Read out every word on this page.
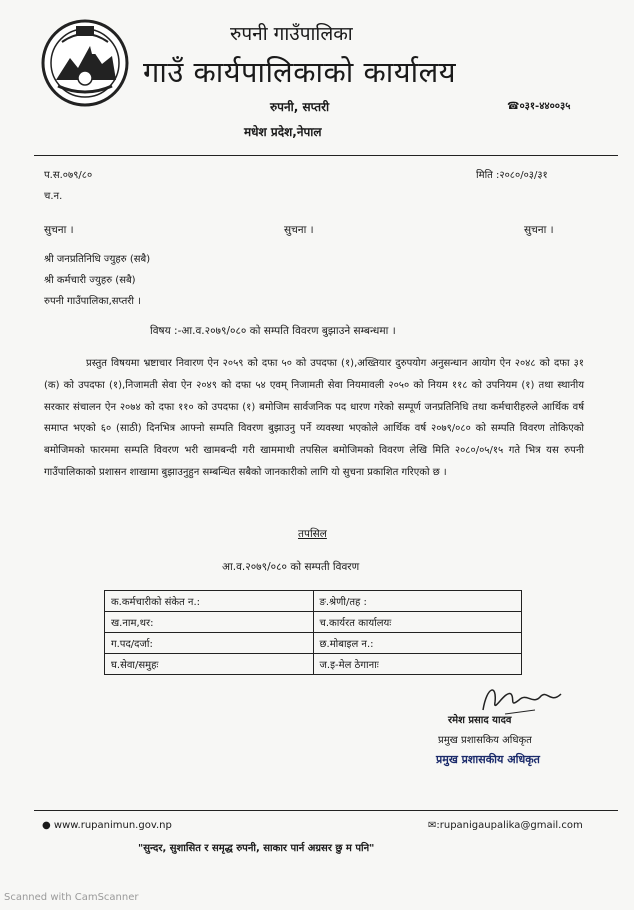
रुपनी गाउँपालिका
गाउँ कार्यपालिकाको कार्यालय
रुपनी, सप्तरी
मधेश प्रदेश,नेपाल
☎०३१-४४००३५
प.स.०७९/८०
च.न.
मिति :२०८०/०३/३१
सुचना ।	सुचना ।	सुचना ।
श्री जनप्रतिनिधि ज्युहरु (सबै)
श्री कर्मचारी ज्युहरु (सबै)
रुपनी गाउँपालिका,सप्तरी ।
विषय :-आ.व.२०७९/०८० को सम्पति विवरण बुझाउने सम्बन्धमा ।
प्रस्तुत विषयमा भ्रष्टाचार निवारण ऐन २०५९ को दफा ५० को उपदफा (१),अख्तियार दुरुपयोग अनुसन्धान आयोग ऐन २०४८ को दफा ३१ (क) को उपदफा (१),निजामती सेवा ऐन २०४९ को दफा ५४ एवम् निजामती सेवा नियमावली २०५० को नियम ११८ को उपनियम (१) तथा स्थानीय सरकार संचालन ऐन २०७४ को दफा ११० को उपदफा (१) बमोजिम सार्वजनिक पद धारण गरेको सम्पूर्ण जनप्रतिनिधि तथा कर्मचारीहरुले आर्थिक वर्ष समाप्त भएको ६० (साठी) दिनभित्र आफ्नो सम्पति विवरण बुझाउनु पर्ने व्यवस्था भएकोले आर्थिक वर्ष २०७९/०८० को सम्पति विवरण तोकिएको बमोजिमको फारममा सम्पति विवरण भरी खामबन्दी गरी खाममाथी तपसिल बमोजिमको विवरण लेखि मिति २०८०/०५/१५ गते भित्र यस रुपनी गाउँपालिकाको प्रशासन शाखामा बुझाउनुहुन सम्बन्धित सबैको जानकारीको लागि यो सुचना प्रकाशित गरिएको छ ।
तपसिल
आ.व.२०७९/०८० को सम्पती विवरण
क.कर्मचारीको संकेत न.:	ङ.श्रेणी/तह :
ख.नाम,थर:	च.कार्यरत कार्यालयः
ग.पद/दर्जा:	छ.मोबाइल न.:
घ.सेवा/समुहः	ज.इ-मेल ठेगानाः
रमेश प्रसाद यादव
प्रमुख प्रशासकिय अधिकृत
प्रमुख प्रशासकीय अधिकृत
● www.rupanimun.gov.np	✉:rupanigaupalika@gmail.com
"सुन्दर, सुशासित र समृद्ध रुपनी, साकार पार्न अग्रसर छु म पनि"
Scanned with CamScanner
